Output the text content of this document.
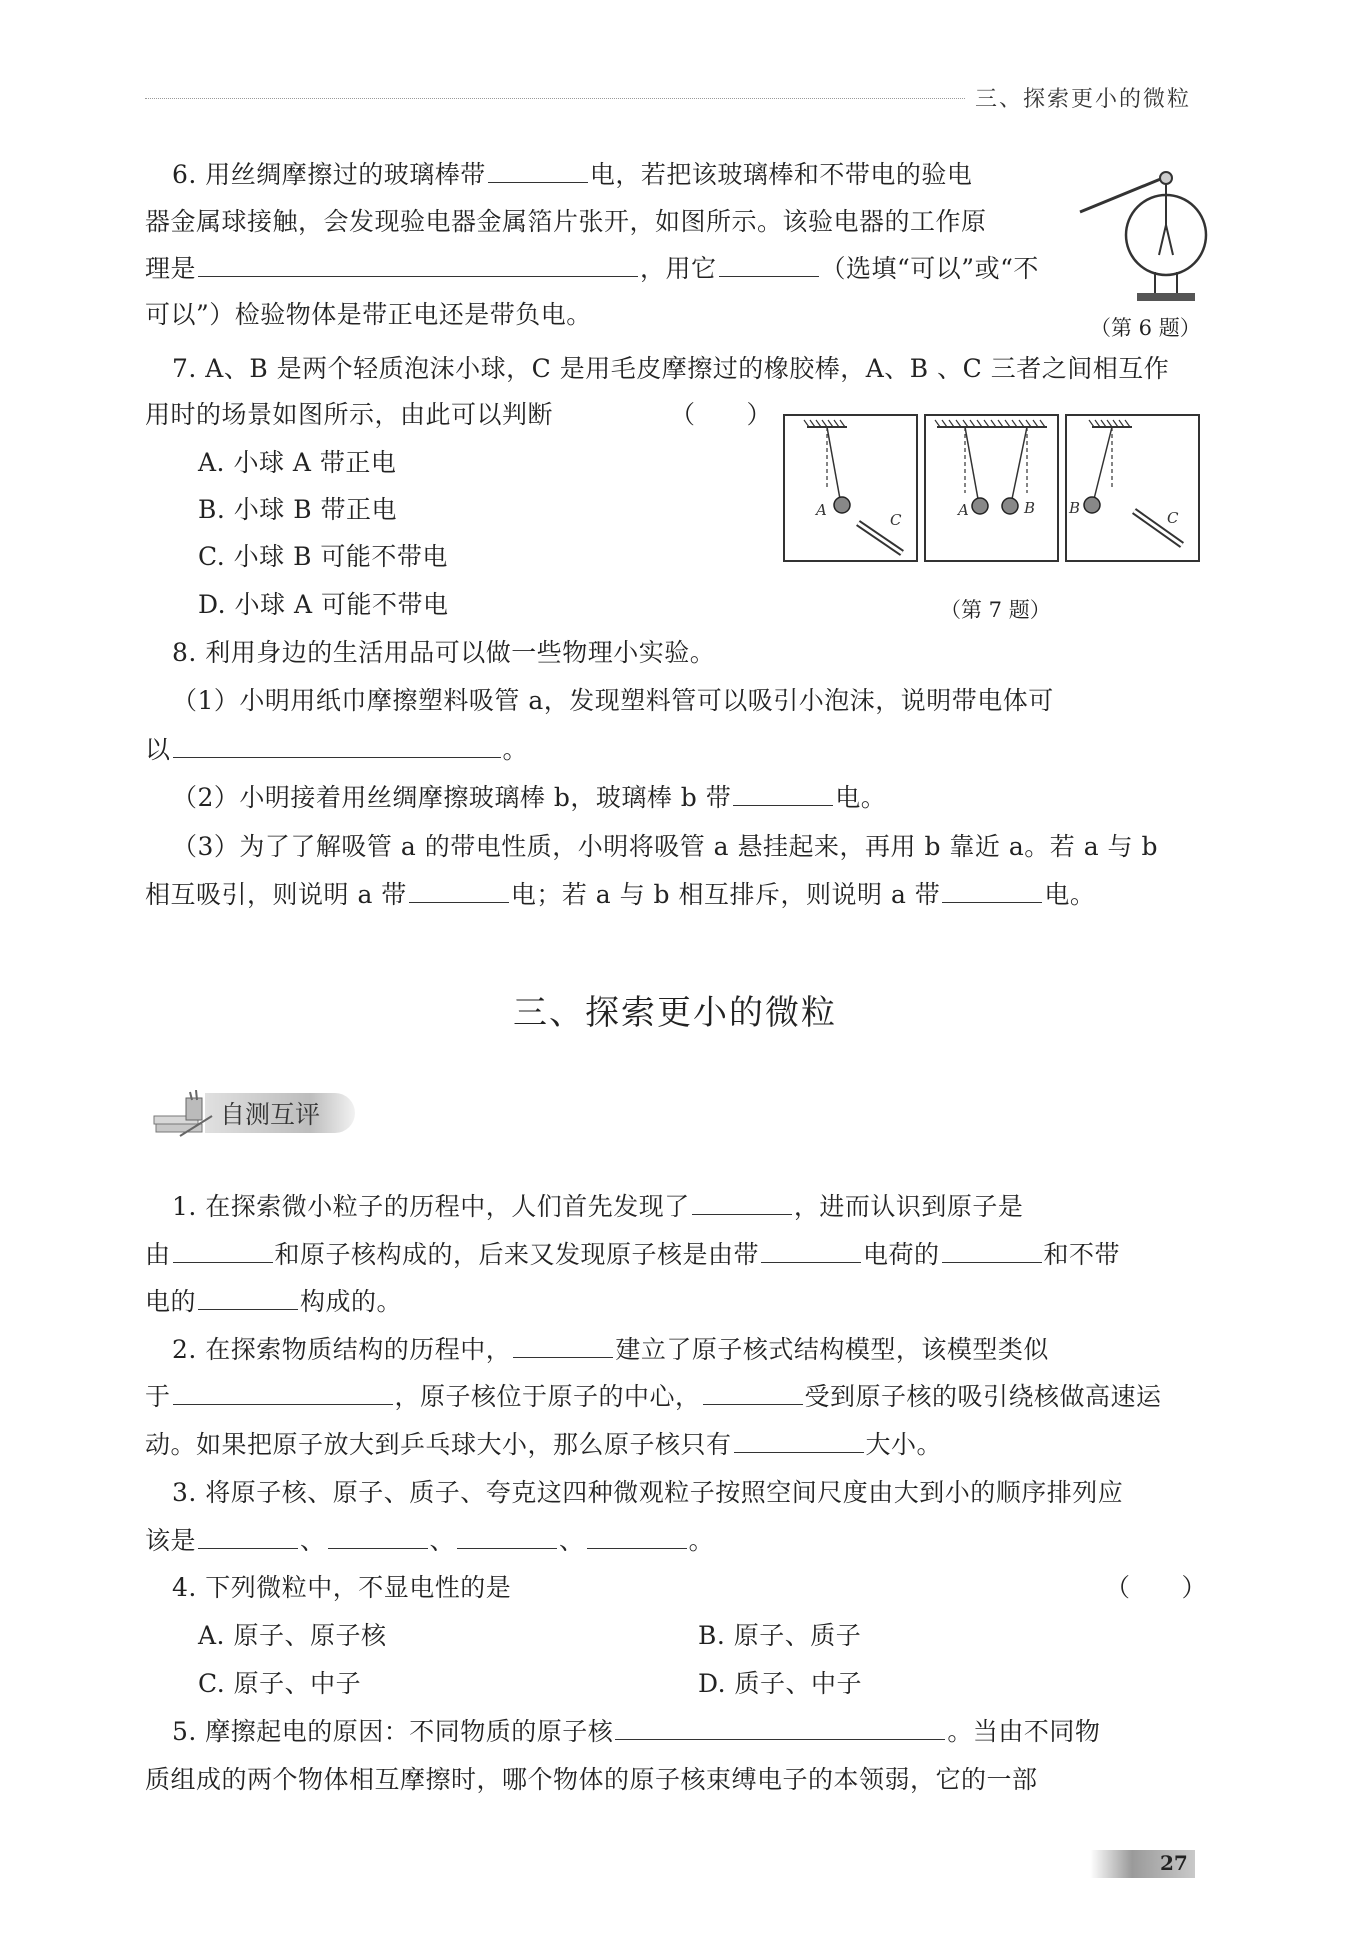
三、探索更小的微粒
6. 用丝绸摩擦过的玻璃棒带	电，若把该玻璃棒和不带电的验电
器金属球接触，会发现验电器金属箔片张开，如图所示。该验电器的工作原
理是	，用它	（选填“可以”或“不
可以”）检验物体是带正电还是带负电。	（第 6 题）
7. A、B 是两个轻质泡沫小球，C 是用毛皮摩擦过的橡胶棒，A、B 、C 三者之间相互作
用时的场景如图所示，由此可以判断	（　　）
A. 小球 A 带正电
B. 小球 B 带正电
C. 小球 B 可能不带电
D. 小球 A 可能不带电
A
C
A	B B
C
（第 7 题）
8. 利用身边的生活用品可以做一些物理小实验。
（1）小明用纸巾摩擦塑料吸管 a，发现塑料管可以吸引小泡沫，说明带电体可
以	。
（2）小明接着用丝绸摩擦玻璃棒 b，玻璃棒 b 带	电。
（3）为了了解吸管 a 的带电性质，小明将吸管 a 悬挂起来，再用 b 靠近 a。若 a 与 b
相互吸引，则说明 a 带	电；若 a 与 b 相互排斥，则说明 a 带	电。
三、探索更小的微粒
自测互评
1. 在探索微小粒子的历程中，人们首先发现了	，进而认识到原子是
由	和原子核构成的，后来又发现原子核是由带	电荷的	和不带
电的	构成的。
2. 在探索物质结构的历程中，	建立了原子核式结构模型，该模型类似
于	，原子核位于原子的中心，	受到原子核的吸引绕核做高速运
动。如果把原子放大到乒乓球大小，那么原子核只有	大小。
3. 将原子核、原子、质子、夸克这四种微观粒子按照空间尺度由大到小的顺序排列应
该是	、	、	、	。
4. 下列微粒中，不显电性的是	（　　）
A. 原子、原子核	B. 原子、质子
C. 原子、中子	D. 质子、中子
5. 摩擦起电的原因：不同物质的原子核	。当由不同物
质组成的两个物体相互摩擦时，哪个物体的原子核束缚电子的本领弱，它的一部
27
